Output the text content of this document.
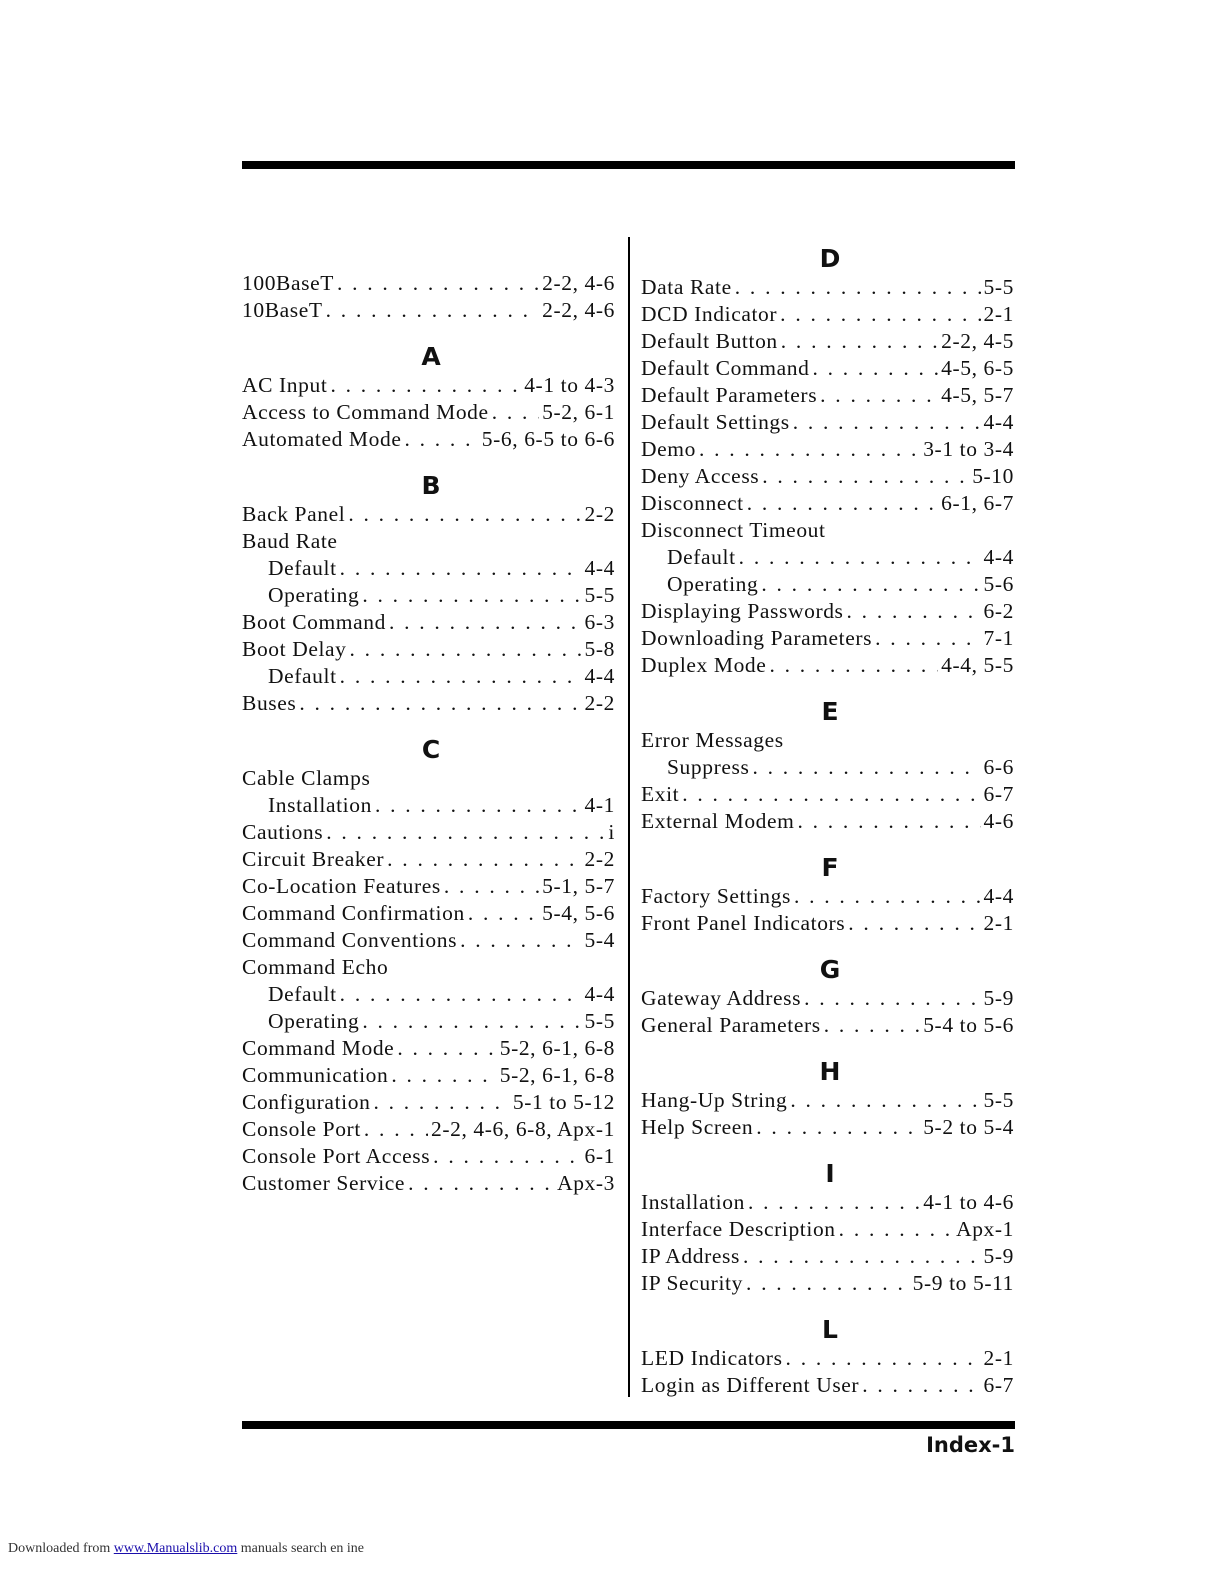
100BaseT . . .	2-2, 4-6
10BaseT . . .	2-2, 4-6
A
AC Input . . .	4-1 to 4-3
Access to Command Mode . . . 5-2, 6-1
Automated Mode . . .	5-6, 6-5 to 6-6
B
Back Panel . . .	2-2
Baud Rate
Default . . .	4-4
Operating . . .	5-5
Boot Command . . .	6-3
Boot Delay . . .	5-8
Default . . .	4-4
Buses . . .	2-2
C
Cable Clamps
Installation . . .	4-1
Cautions . . .	i
Circuit Breaker . . .	2-2
Co-Location Features . . .	5-1, 5-7
Command Confirmation . . .	5-4, 5-6
Command Conventions . . .	5-4
Command Echo
Default . . .	4-4
Operating . . .	5-5
Command Mode . . .	5-2, 6-1, 6-8
Communication . . .	5-2, 6-1, 6-8
Configuration . . .	5-1 to 5-12
Console Port . . .	2-2, 4-6, 6-8, Apx-1
Console Port Access . . .	6-1
Customer Service . . .	Apx-3
D
Data Rate . . .	5-5
DCD Indicator . . .	2-1
Default Button . . .	2-2, 4-5
Default Command . . .	4-5, 6-5
Default Parameters . . .	4-5, 5-7
Default Settings . . .	4-4
Demo . . .	3-1 to 3-4
Deny Access . . .	5-10
Disconnect . . .	6-1, 6-7
Disconnect Timeout
Default . . .	4-4
Operating . . .	5-6
Displaying Passwords . . .	6-2
Downloading Parameters . . .	7-1
Duplex Mode . . .	4-4, 5-5
E
Error Messages
Suppress . . .	6-6
Exit . . .	6-7
External Modem . . .	4-6
F
Factory Settings . . .	4-4
Front Panel Indicators . . .	2-1
G
Gateway Address . . .	5-9
General Parameters . . .	5-4 to 5-6
H
Hang-Up String . . .	5-5
Help Screen . . .	5-2 to 5-4
I
Installation . . .	4-1 to 4-6
Interface Description . . .	Apx-1
IP Address . . .	5-9
IP Security . . .	5-9 to 5-11
L
LED Indicators . . .	2-1
Login as Different User . . .	6-7
Index-1
Downloaded from www.Manualslib.com manuals search en ine
